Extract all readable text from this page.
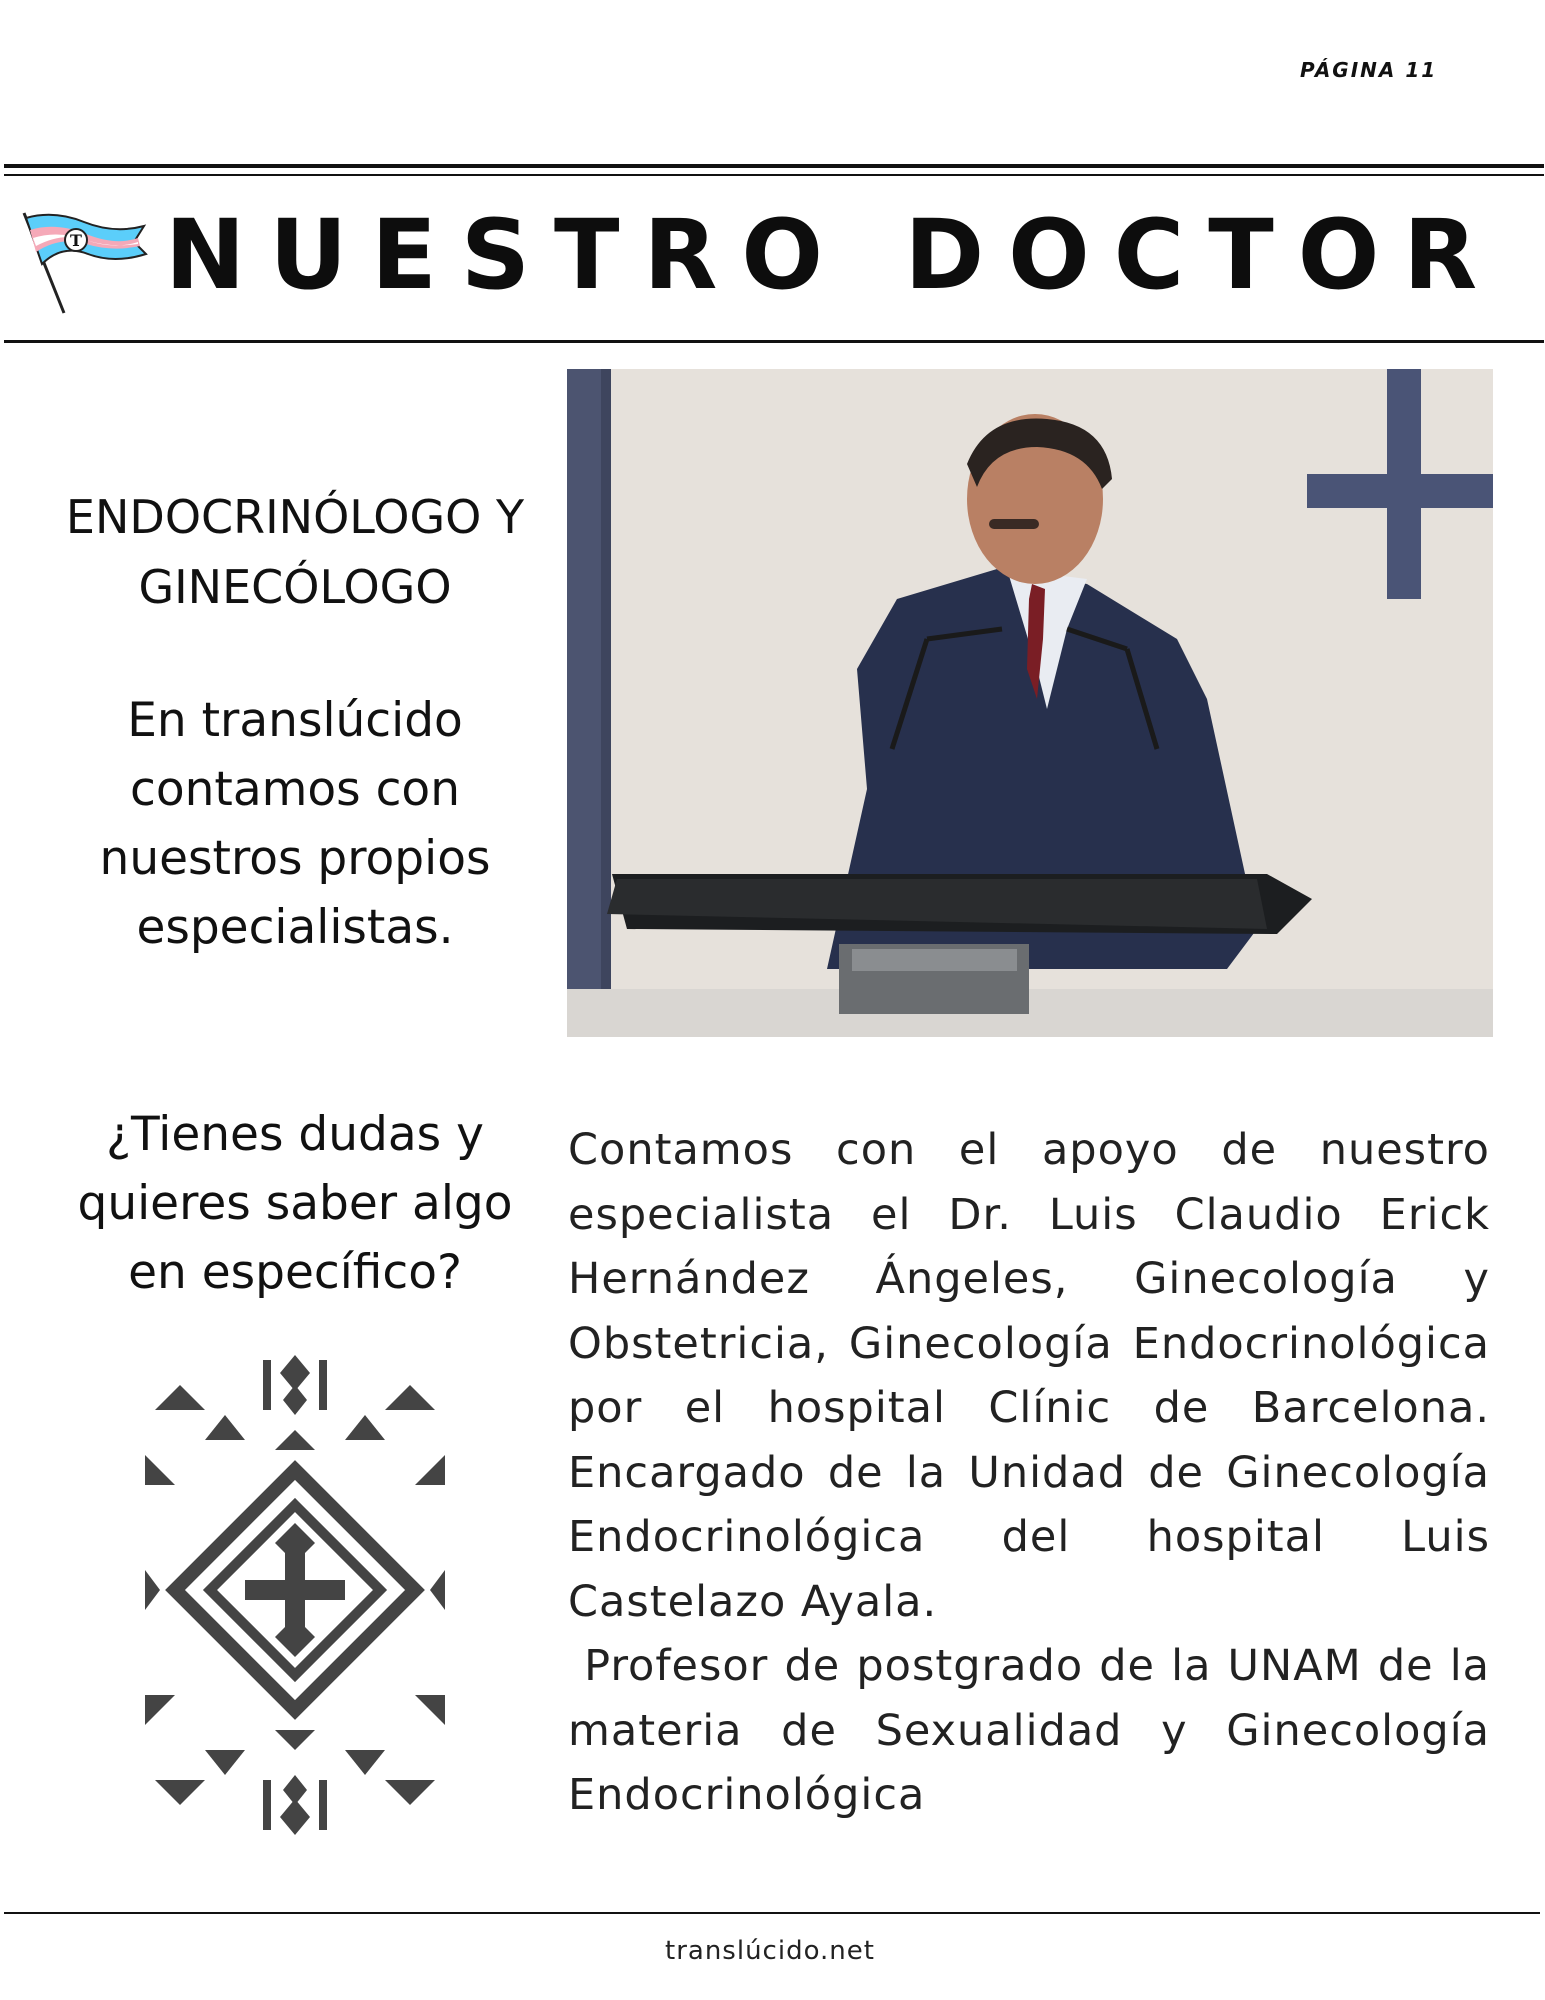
PÁGINA 11
T NUESTRO DOCTOR
ENDOCRINÓLOGO Y
GINECÓLOGO
En translúcido
contamos con
nuestros propios
especialistas.
¿Tienes dudas y
quieres saber algo
en específico?
Contamos con el apoyo de nuestro especialista el Dr. Luis Claudio Erick Hernández Ángeles, Ginecología y Obstetricia, Ginecología Endocrinológica por el hospital Clínic de Barcelona. Encargado de la Unidad de Ginecología Endocrinológica del hospital Luis Castelazo Ayala.
Profesor de postgrado de la UNAM de la materia de Sexualidad y Ginecología Endocrinológica
translúcido.net
